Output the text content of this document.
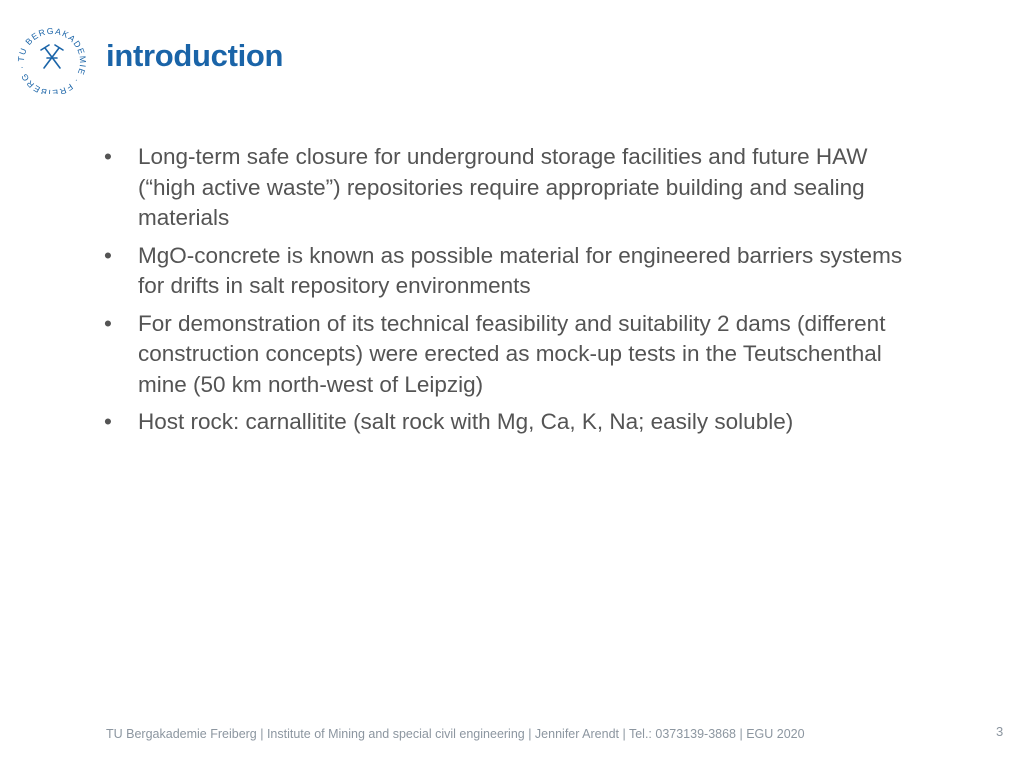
TU BERGAKADEMIE · FREIBERG ·	introduction
•	Long-term safe closure for underground storage facilities and future HAW (“high active waste”) repositories require appropriate building and sealing materials
•	MgO-concrete is known as possible material for engineered barriers systems for drifts in salt repository environments
•	For demonstration of its technical feasibility and suitability 2 dams (different construction concepts) were erected as mock-up tests in the Teutschenthal mine (50 km north-west of Leipzig)
•	Host rock: carnallitite (salt rock with Mg, Ca, K, Na; easily soluble)
TU Bergakademie Freiberg | Institute of Mining and special civil engineering | Jennifer Arendt | Tel.: 0373139-3868 | EGU 2020	3
